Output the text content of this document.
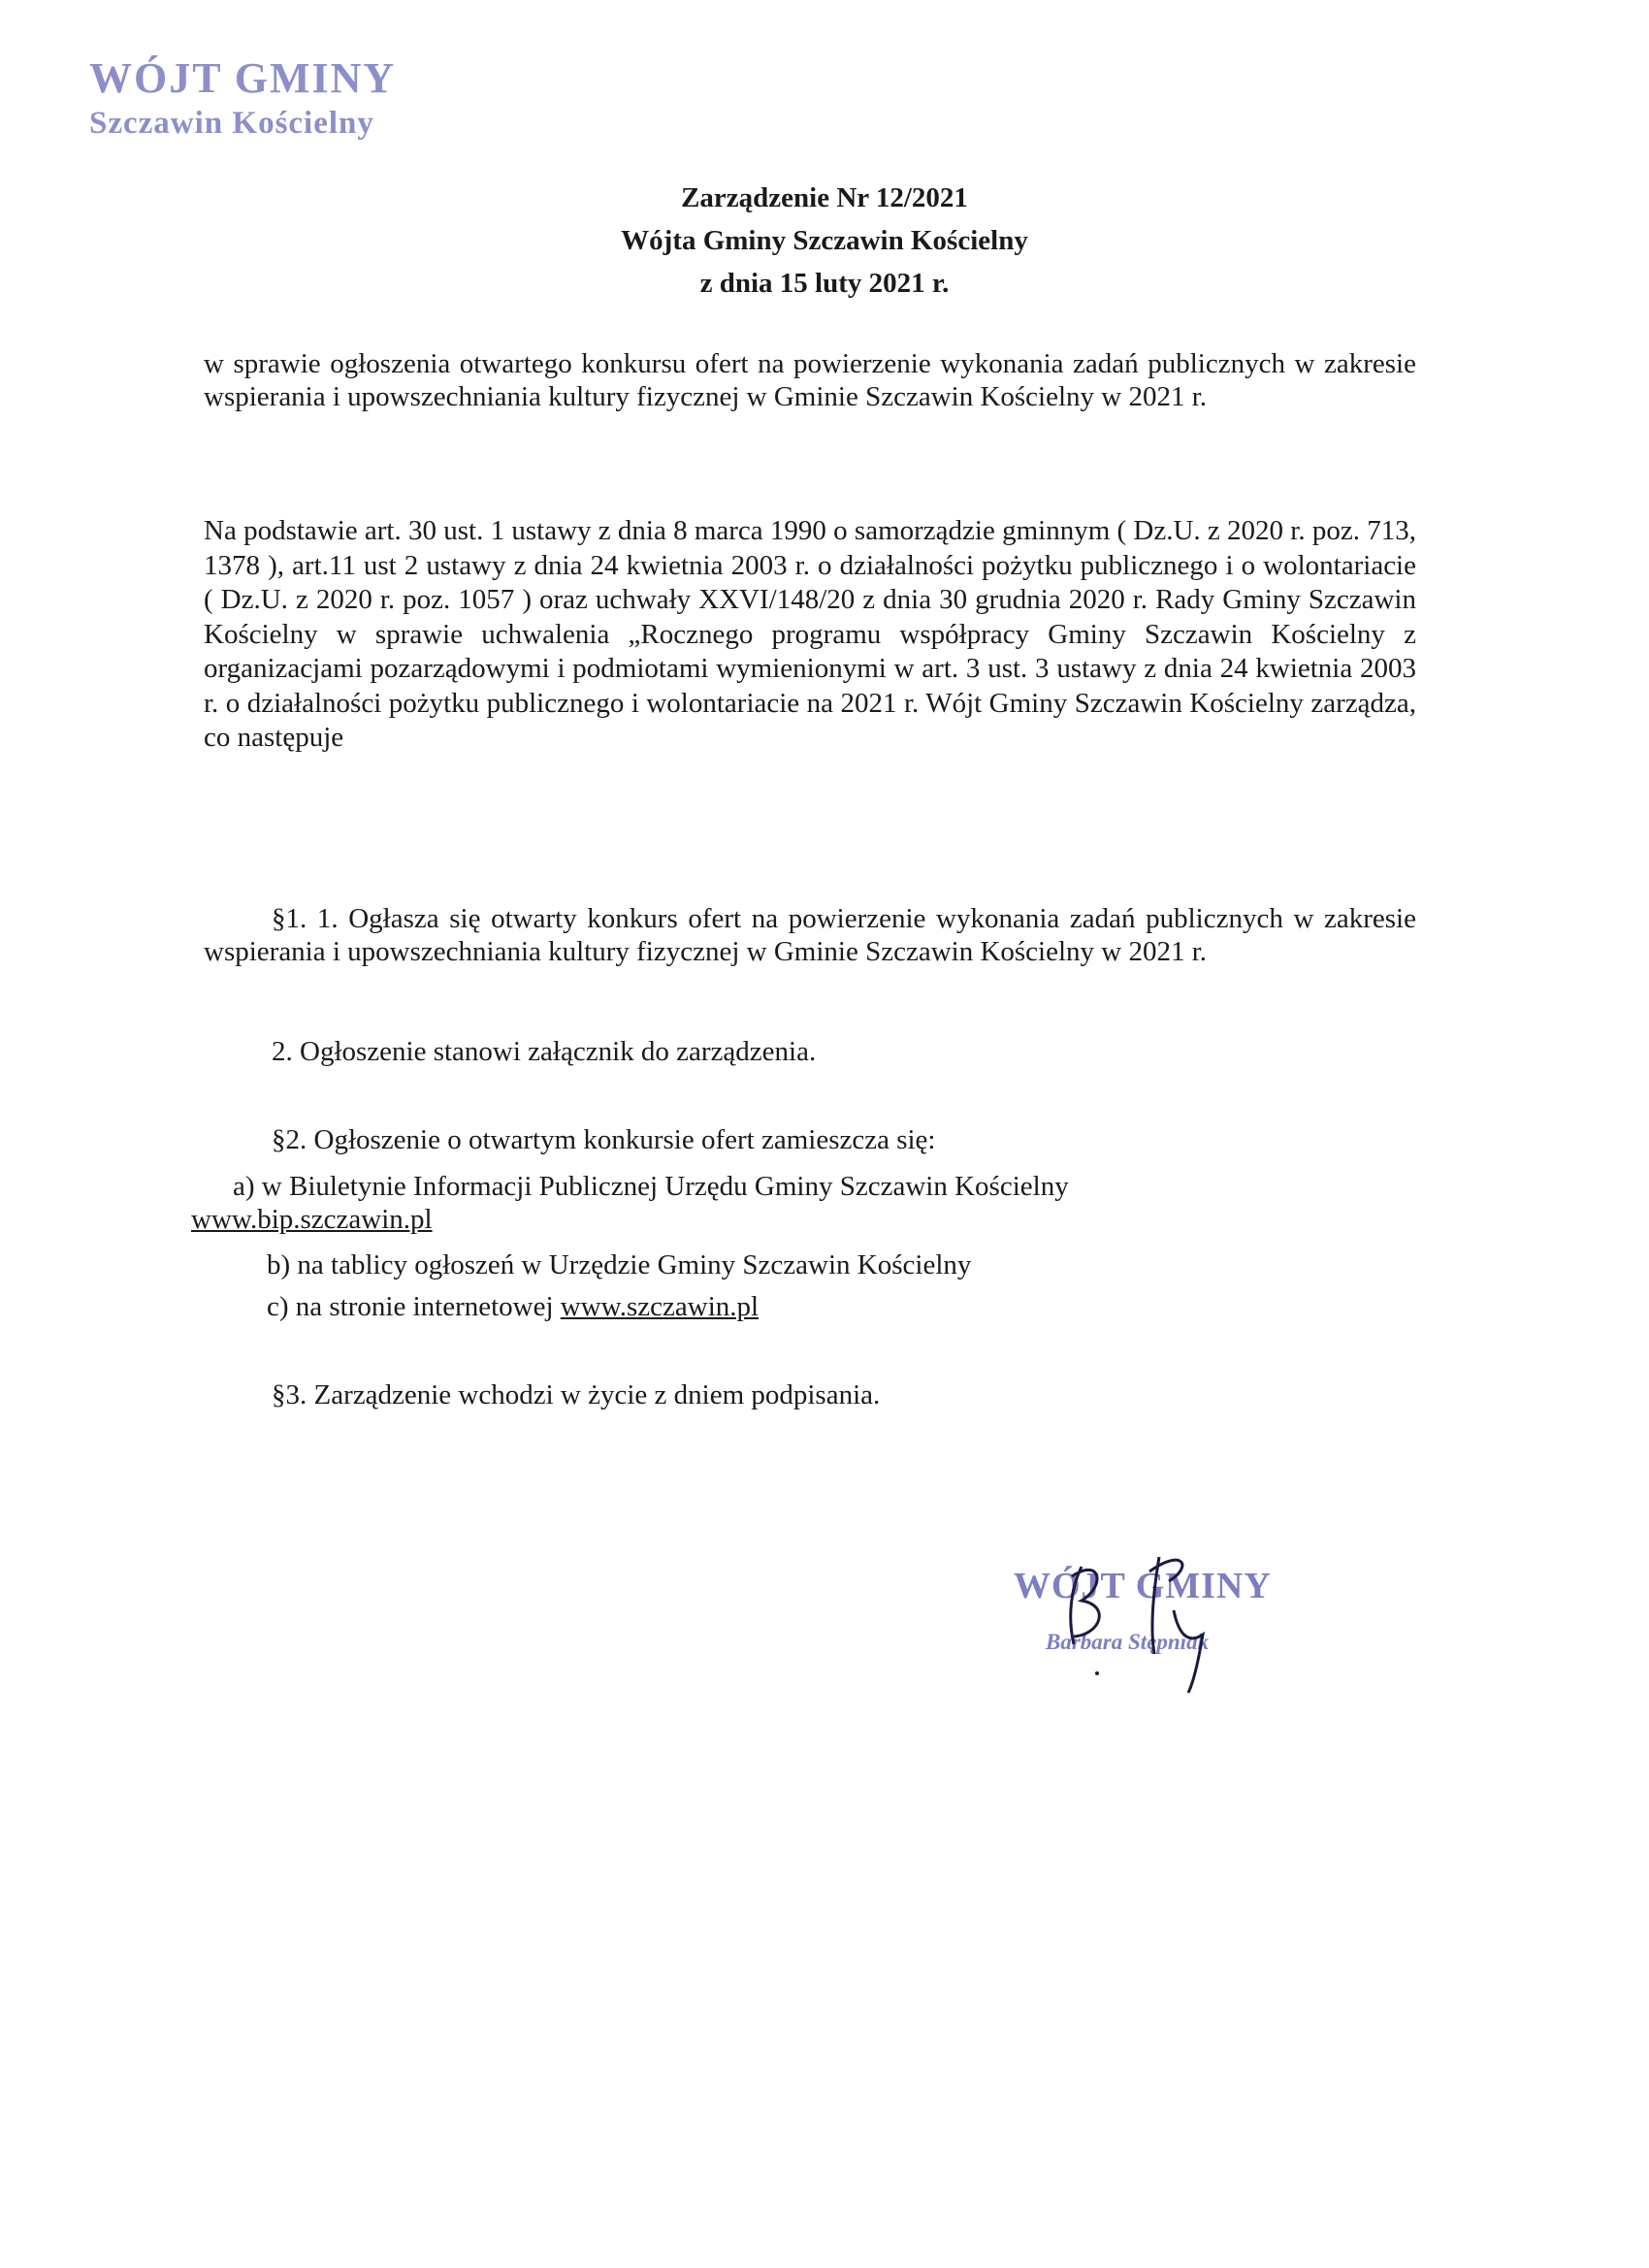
WÓJT GMINY
Szczawin Kościelny
Zarządzenie Nr 12/2021
Wójta Gminy Szczawin Kościelny
z dnia 15 luty 2021 r.

w sprawie ogłoszenia otwartego konkursu ofert na powierzenie wykonania zadań publicznych w zakresie wspierania i upowszechniania kultury fizycznej w Gminie Szczawin Kościelny w 2021 r.

Na podstawie art. 30 ust. 1 ustawy z dnia 8 marca 1990 o samorządzie gminnym ( Dz.U. z 2020 r. poz. 713, 1378 ), art.11 ust 2 ustawy z dnia 24 kwietnia 2003 r. o działalności pożytku publicznego i o wolontariacie ( Dz.U. z 2020 r. poz. 1057 ) oraz uchwały XXVI/148/20 z dnia 30 grudnia 2020 r. Rady Gminy Szczawin Kościelny w sprawie uchwalenia „Rocznego programu współpracy Gminy Szczawin Kościelny z organizacjami pozarządowymi i podmiotami wymienionymi w art. 3 ust. 3 ustawy z dnia 24 kwietnia 2003 r. o działalności pożytku publicznego i wolontariacie na 2021 r. Wójt Gminy Szczawin Kościelny zarządza, co następuje

§1. 1. Ogłasza się otwarty konkurs ofert na powierzenie wykonania zadań publicznych w zakresie wspierania i upowszechniania kultury fizycznej w Gminie Szczawin Kościelny w 2021 r.

2. Ogłoszenie stanowi załącznik do zarządzenia.
§2. Ogłoszenie o otwartym konkursie ofert zamieszcza się:
a) w Biuletynie Informacji Publicznej Urzędu Gminy Szczawin Kościelny
www.bip.szczawin.pl
b) na tablicy ogłoszeń w Urzędzie Gminy Szczawin Kościelny
c) na stronie internetowej www.szczawin.pl
§3. Zarządzenie wchodzi w życie z dniem podpisania.
WÓJT GMINY
Barbara Stępniak
